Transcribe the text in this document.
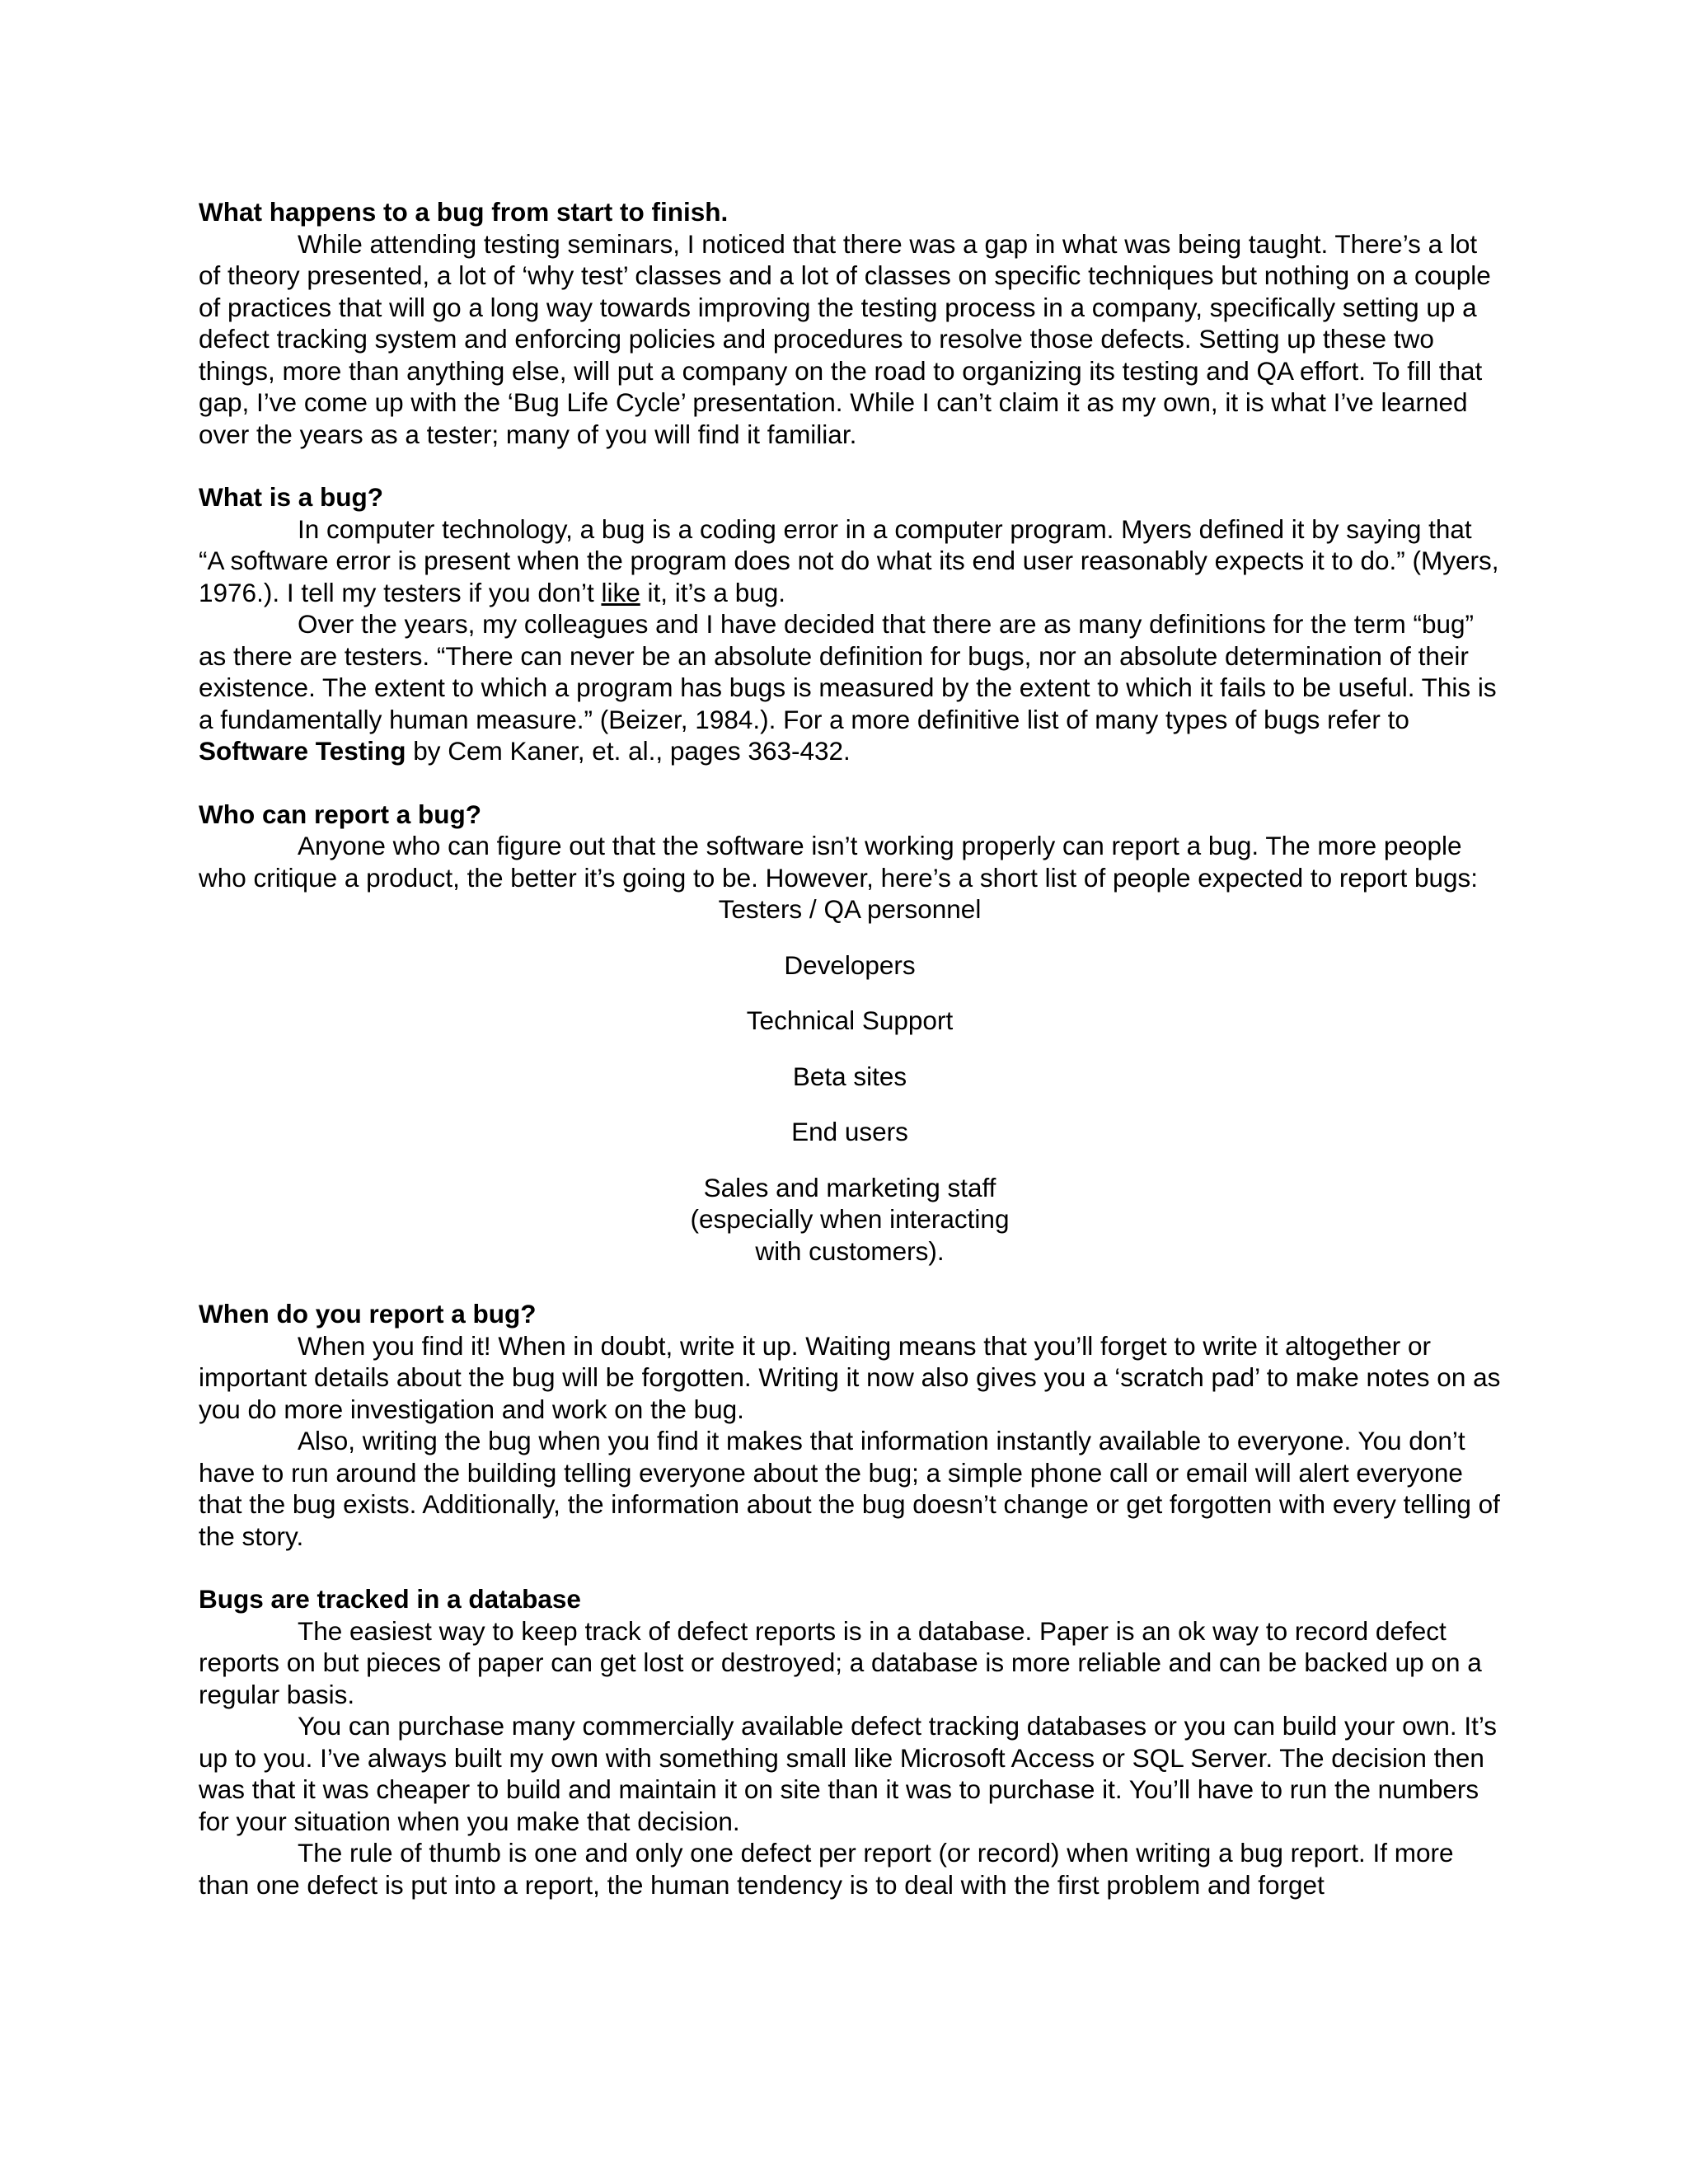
What happens to a bug from start to finish.

While attending testing seminars, I noticed that there was a gap in what was being taught. There’s a lot of theory presented, a lot of ‘why test’ classes and a lot of classes on specific techniques but nothing on a couple of practices that will go a long way towards improving the testing process in a company, specifically setting up a defect tracking system and enforcing policies and procedures to resolve those defects. Setting up these two things, more than anything else, will put a company on the road to organizing its testing and QA effort. To fill that gap, I’ve come up with the ‘Bug Life Cycle’ presentation. While I can’t claim it as my own, it is what I’ve learned over the years as a tester; many of you will find it familiar.

What is a bug?

In computer technology, a bug is a coding error in a computer program. Myers defined it by saying that “A software error is present when the program does not do what its end user reasonably expects it to do.” (Myers, 1976.). I tell my testers if you don’t like it, it’s a bug.

Over the years, my colleagues and I have decided that there are as many definitions for the term “bug” as there are testers. “There can never be an absolute definition for bugs, nor an absolute determination of their existence. The extent to which a program has bugs is measured by the extent to which it fails to be useful. This is a fundamentally human measure.” (Beizer, 1984.). For a more definitive list of many types of bugs refer to Software Testing by Cem Kaner, et. al., pages 363-432.

Who can report a bug?

Anyone who can figure out that the software isn’t working properly can report a bug. The more people who critique a product, the better it’s going to be. However, here’s a short list of people expected to report bugs:

Testers / QA personnel
Developers
Technical Support
Beta sites
End users
Sales and marketing staff (especially when interacting with customers).

When do you report a bug?

When you find it! When in doubt, write it up. Waiting means that you’ll forget to write it altogether or important details about the bug will be forgotten. Writing it now also gives you a ‘scratch pad’ to make notes on as you do more investigation and work on the bug.

Also, writing the bug when you find it makes that information instantly available to everyone. You don’t have to run around the building telling everyone about the bug; a simple phone call or email will alert everyone that the bug exists. Additionally, the information about the bug doesn’t change or get forgotten with every telling of the story.

Bugs are tracked in a database

The easiest way to keep track of defect reports is in a database. Paper is an ok way to record defect reports on but pieces of paper can get lost or destroyed; a database is more reliable and can be backed up on a regular basis.

You can purchase many commercially available defect tracking databases or you can build your own. It’s up to you. I’ve always built my own with something small like Microsoft Access or SQL Server. The decision then was that it was cheaper to build and maintain it on site than it was to purchase it. You’ll have to run the numbers for your situation when you make that decision.

The rule of thumb is one and only one defect per report (or record) when writing a bug report. If more than one defect is put into a report, the human tendency is to deal with the first problem and forget
